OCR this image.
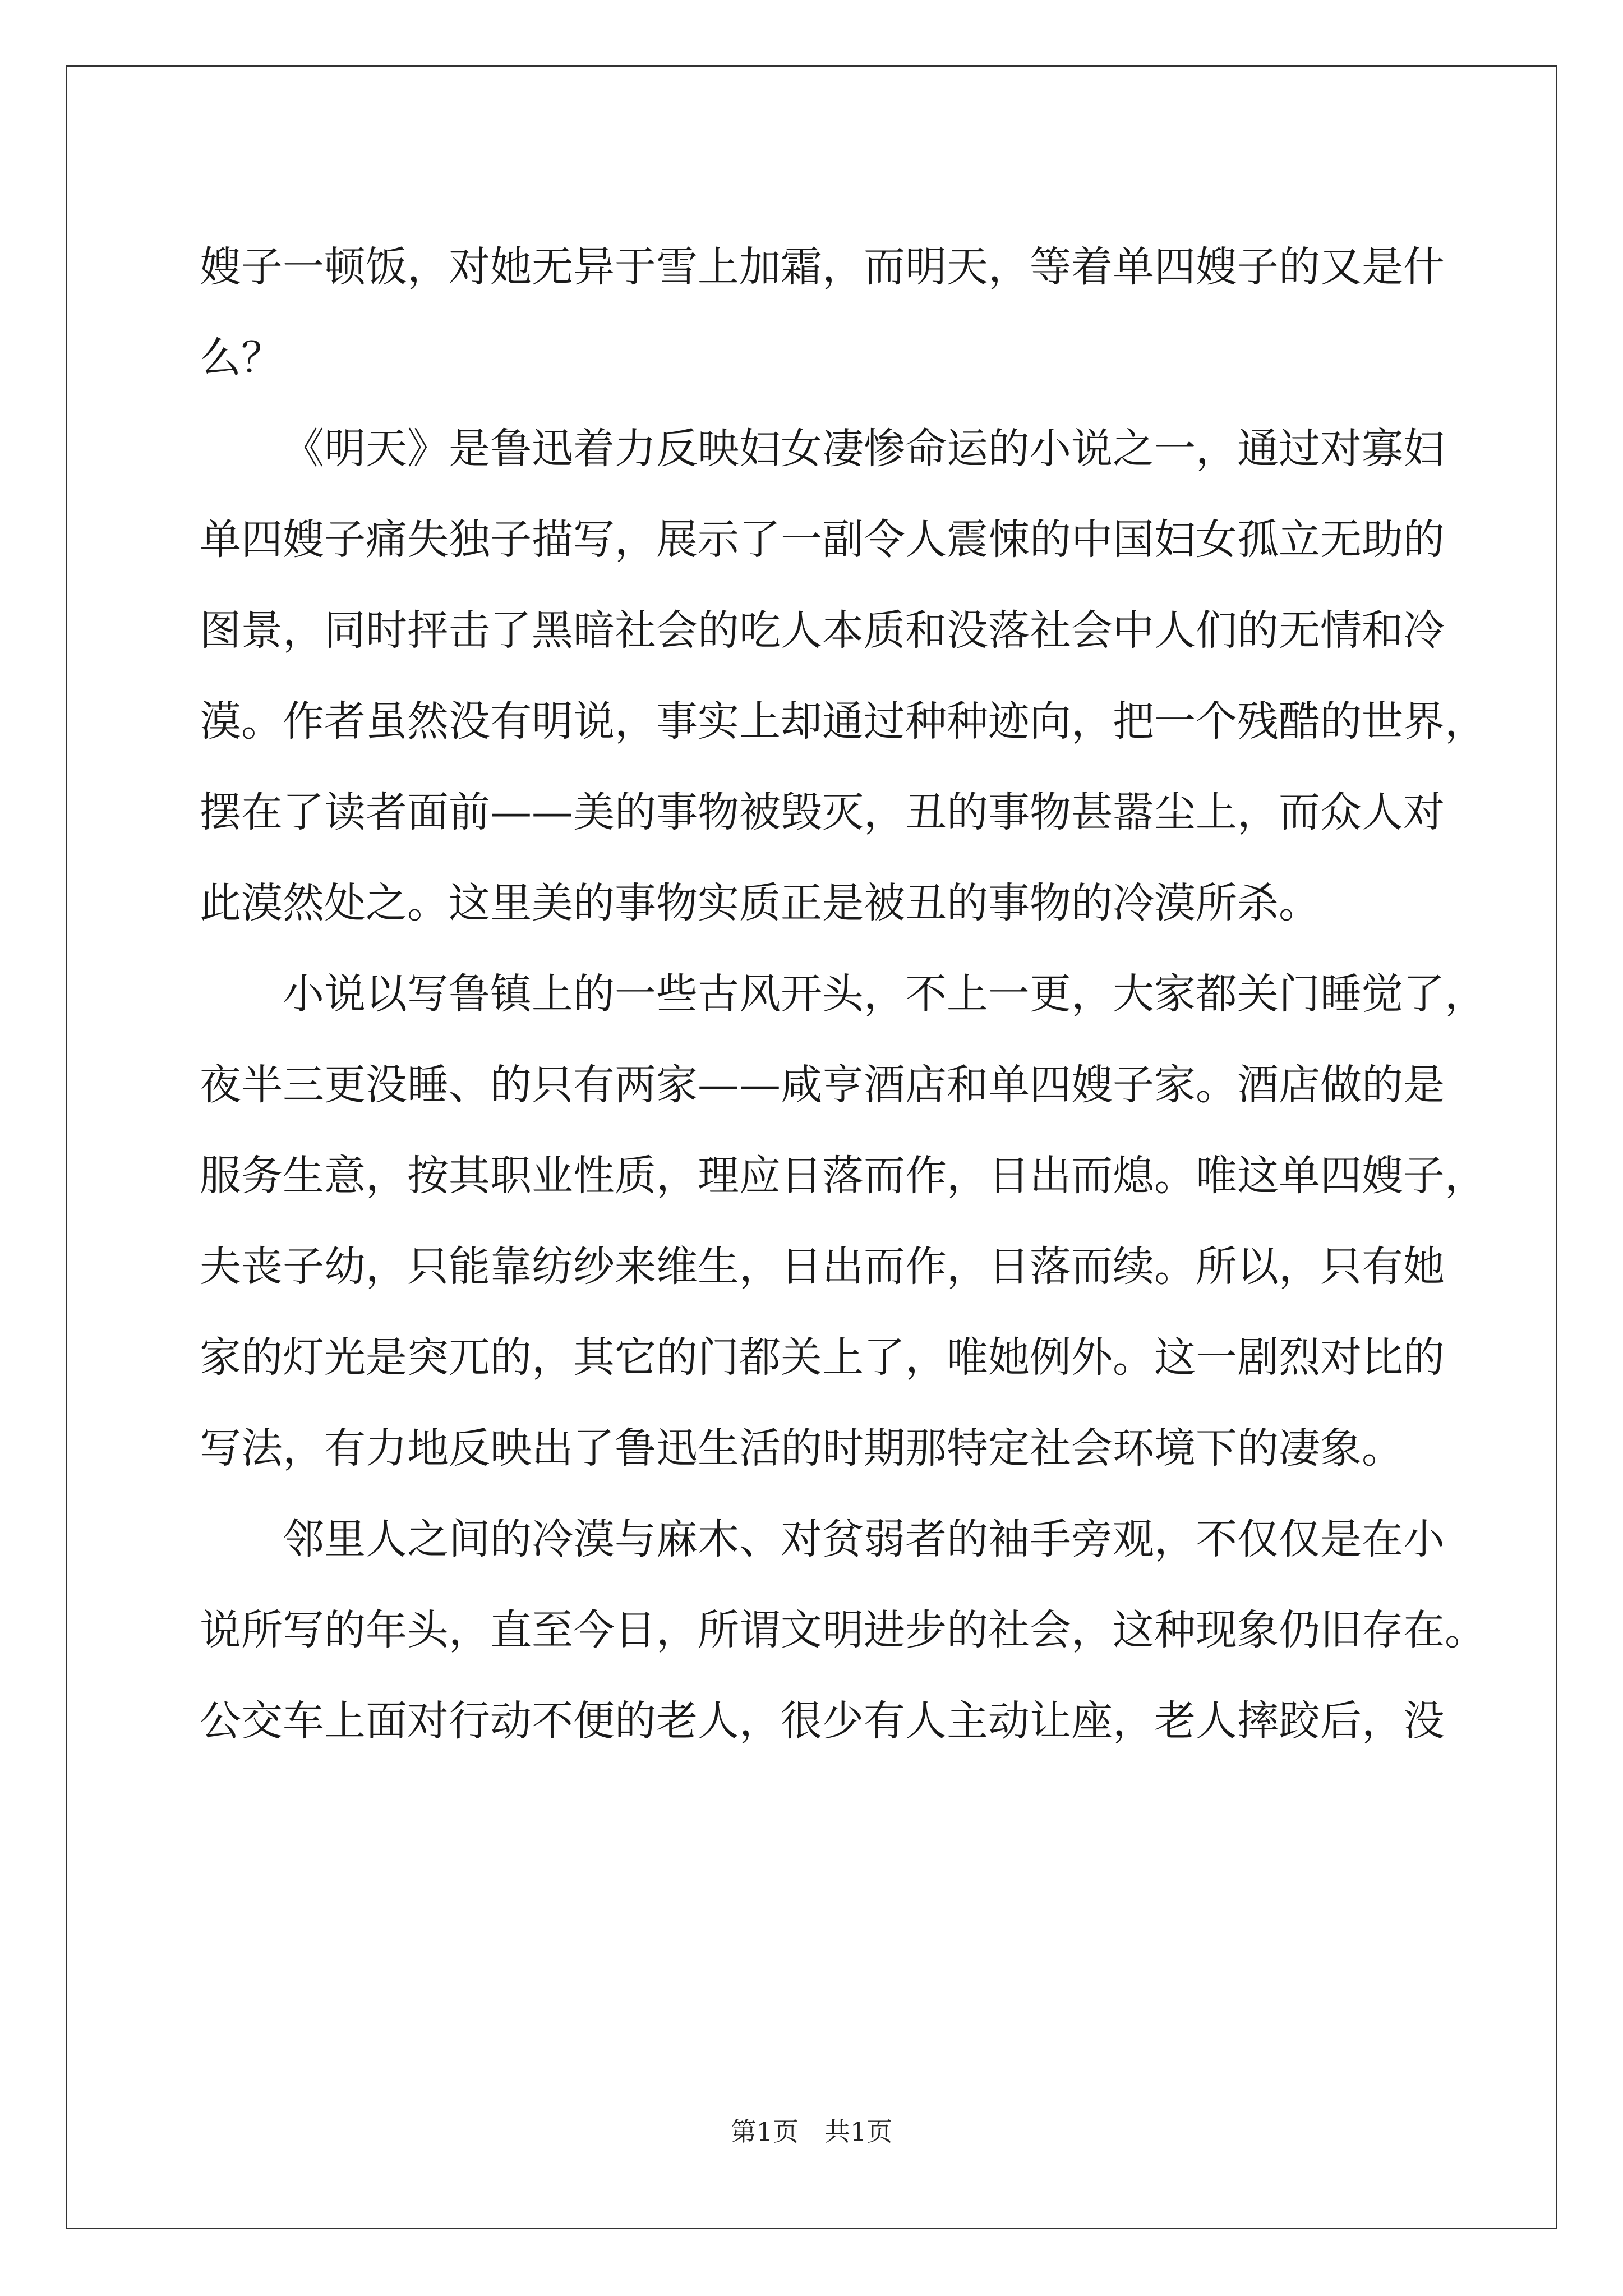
嫂子一顿饭，对她无异于雪上加霜，而明天，等着单四嫂子的又是什
么？
《明天》是鲁迅着力反映妇女凄惨命运的小说之一，通过对寡妇
单四嫂子痛失独子描写，展示了一副令人震悚的中国妇女孤立无助的
图景，同时抨击了黑暗社会的吃人本质和没落社会中人们的无情和冷
漠。作者虽然没有明说，事实上却通过种种迹向，把一个残酷的世界，
摆在了读者面前——美的事物被毁灭，丑的事物甚嚣尘上，而众人对
此漠然处之。这里美的事物实质正是被丑的事物的冷漠所杀。
小说以写鲁镇上的一些古风开头，不上一更，大家都关门睡觉了，
夜半三更没睡、的只有两家——咸亨酒店和单四嫂子家。酒店做的是
服务生意，按其职业性质，理应日落而作，日出而熄。唯这单四嫂子，
夫丧子幼，只能靠纺纱来维生，日出而作，日落而续。所以，只有她
家的灯光是突兀的，其它的门都关上了，唯她例外。这一剧烈对比的
写法，有力地反映出了鲁迅生活的时期那特定社会环境下的凄象。
邻里人之间的冷漠与麻木、对贫弱者的袖手旁观，不仅仅是在小
说所写的年头，直至今日，所谓文明进步的社会，这种现象仍旧存在。
公交车上面对行动不便的老人，很少有人主动让座，老人摔跤后，没
第1页　共1页
